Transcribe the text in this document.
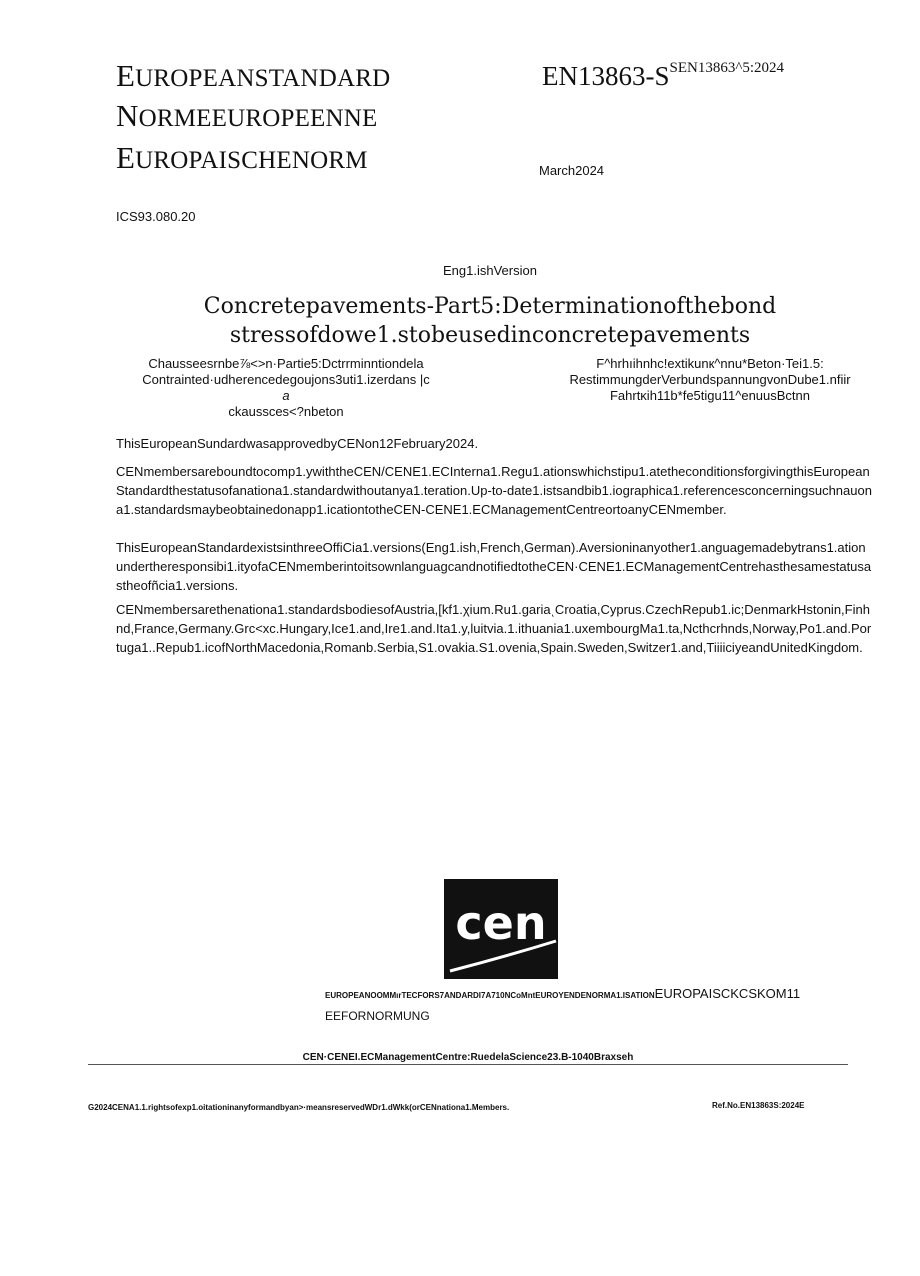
EUROPEANSTANDARD
NORMEEUROPEENNE
EUROPAISCHENORM
$EN13863-S^{SEN13863\^{}5:2024}$
March2024
ICS93.080.20
Eng1.ishVersion
Concretepavements-Part5:Determinationofthebond
stressofdowe1.stobeusedinconcretepavements
Chausseesrnbe⅞<>n·Partie5:Dctrrminntiondela
Contrainted·udherencedegoujons3uti1.izerdans |c
a
ckaussces<?nbeton
F^hrhıihnhc!extikunк^nnu*Beton·Tei1.5:
RestimmungderVerbundspannungvonDube1.nfiir
Fahrtκih11b*fe5tigu11^enuusBctnn
ThisEuropeanSundardwasapprovedbyCENon12February2024.
CENmembersareboundtocomp1.ywiththeCEN/CENE1.ECInterna1.Regu1.ationswhichstipu1.atetheconditionsforgivingthisEuropeanStandardthestatusofanationa1.standardwithoutanya1.teration.Up-to-date1.istsandbib1.iographica1.referencesconcerningsuchnauona1.standardsmaybeobtainedonapp1.icationtotheCEN-CENE1.ECManagementCentreortoanyCENmember.
ThisEuropeanStandardexistsinthreeOffiCia1.versions(Eng1.ish,French,German).Aversioninanyother1.anguagemadebytrans1.ationundertheresponsibi1.ityofaCENmemberintoitsownlanguagcandnotifiedtotheCEN·CENE1.ECManagementCentrehasthesamestatusastheofñcia1.versions.
CENmembersarethenationa1.standardsbodiesofAustria,[kf1.χium.Ru1.gariaͺCroatia,Cyprus.CzechRepub1.ic;DenmarkHstonin,Finhnd,France,Germany.Grc<xc.Hungary,Ice1.and,Ire1.and.Ita1.y,luitvia.1.ithuania1.uxembourgMa1.ta,Ncthcrhnds,Norway,Po1.and.Portuga1..Repub1.icofNorthMacedonia,Romanb.Serbia,S1.ovakia.S1.ovenia,Spain.Sweden,Switzer1.and,TiiiiciyeandUnitedKingdom.
cen
EUROPEANOOMMırTECFORS7ANDARDI7A710NCoMntEUROYENDENORMA1.ISATIONEUROPAISCKCSKOM11
EEFORNORMUNG
CEN·CENEI.ECManagementCentre:RuedelaScience23.B-1040Braxseh
G2024CENA1.1.rightsofexp1.oitationinanyformandbyan>·meansreservedWDr1.dWkk(orCENnationa1.Members.	Ref.No.EN13863S:2024E
